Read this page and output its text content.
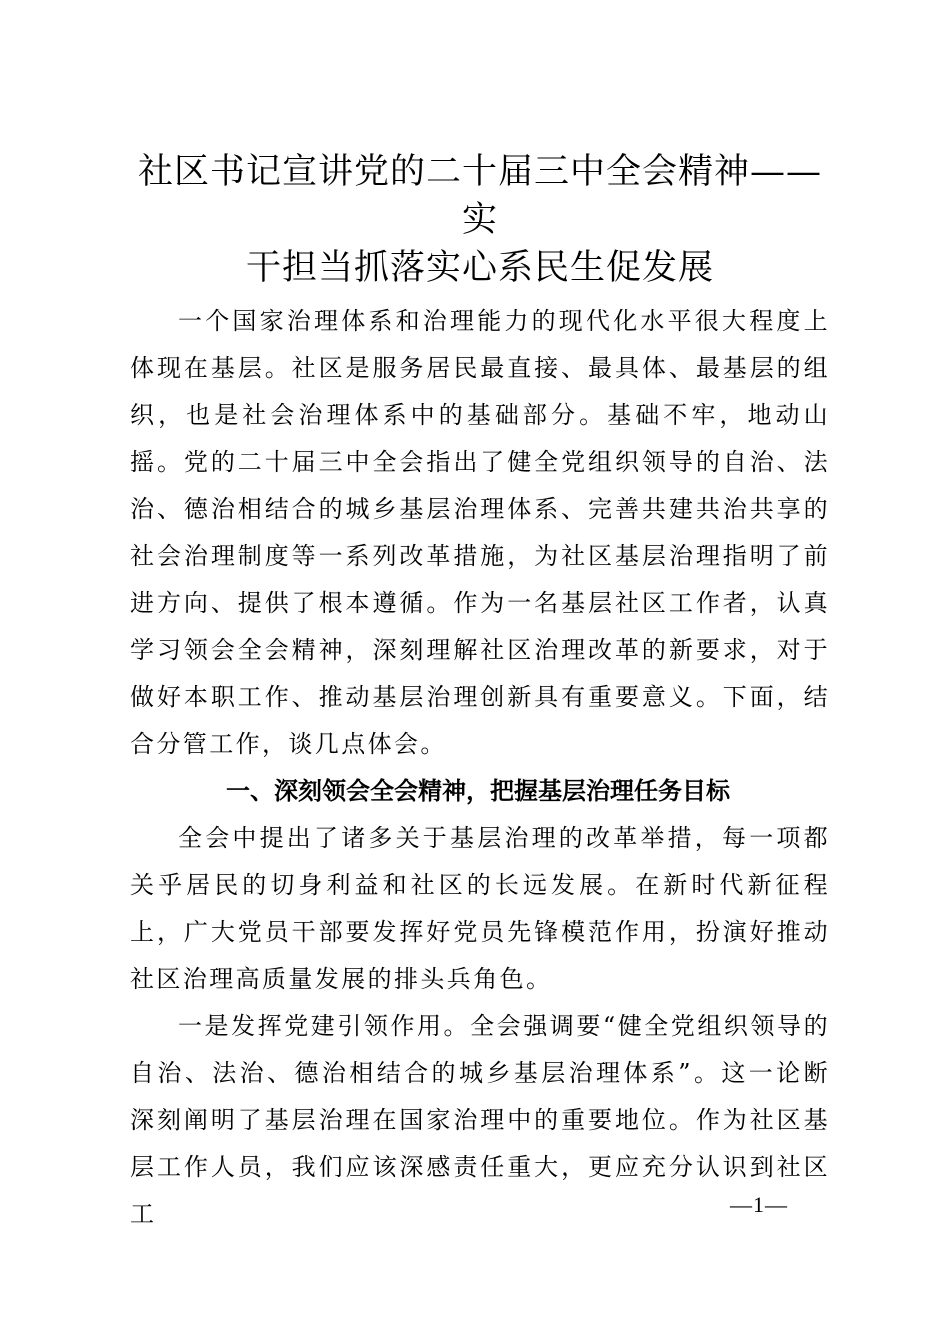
社区书记宣讲党的二十届三中全会精神——实
干担当抓落实心系民生促发展

一个国家治理体系和治理能力的现代化水平很大程度上体现在基层。社区是服务居民最直接、最具体、最基层的组织，也是社会治理体系中的基础部分。基础不牢，地动山摇。党的二十届三中全会指出了健全党组织领导的自治、法治、德治相结合的城乡基层治理体系、完善共建共治共享的社会治理制度等一系列改革措施，为社区基层治理指明了前进方向、提供了根本遵循。作为一名基层社区工作者，认真学习领会全会精神，深刻理解社区治理改革的新要求，对于做好本职工作、推动基层治理创新具有重要意义。下面，结合分管工作，谈几点体会。

一、深刻领会全会精神，把握基层治理任务目标

全会中提出了诸多关于基层治理的改革举措，每一项都关乎居民的切身利益和社区的长远发展。在新时代新征程上，广大党员干部要发挥好党员先锋模范作用，扮演好推动社区治理高质量发展的排头兵角色。

一是发挥党建引领作用。全会强调要“健全党组织领导的自治、法治、德治相结合的城乡基层治理体系”。这一论断深刻阐明了基层治理在国家治理中的重要地位。作为社区基层工作人员，我们应该深感责任重大，更应充分认识到社区工	—1—
